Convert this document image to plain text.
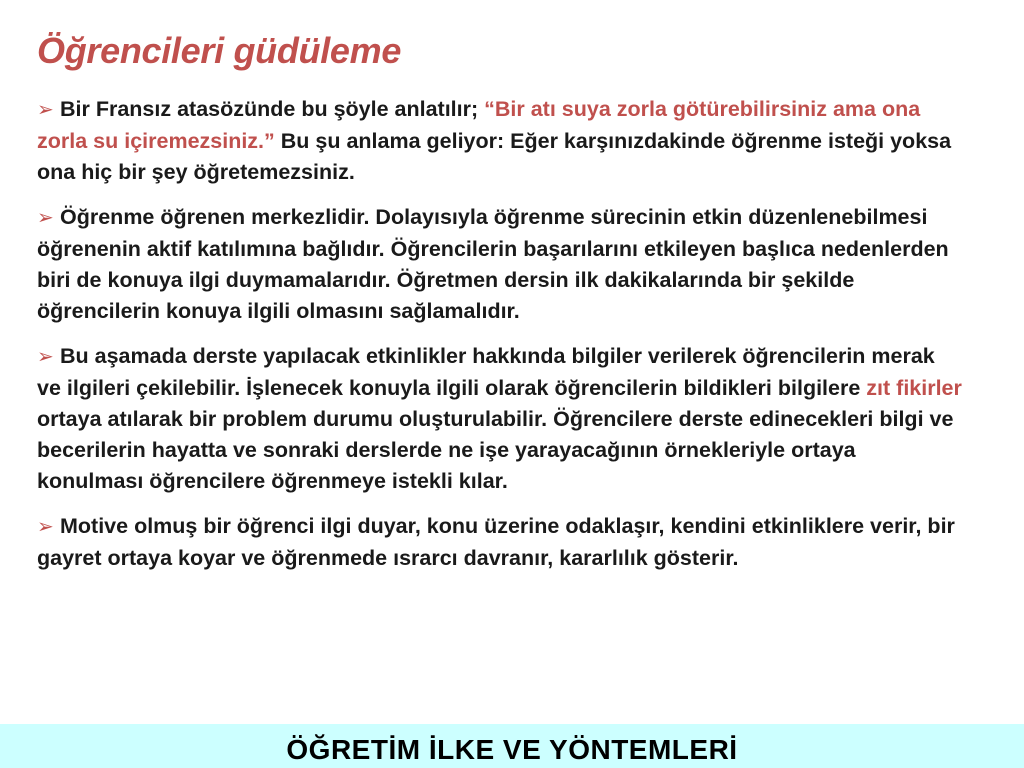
Öğrencileri güdüleme

➢ Bir Fransız atasözünde bu şöyle anlatılır; “Bir atı suya zorla götürebilirsiniz ama ona zorla su içiremezsiniz.” Bu şu anlama geliyor: Eğer karşınızdakinde öğrenme isteği yoksa ona hiç bir şey öğretemezsiniz.

➢ Öğrenme öğrenen merkezlidir. Dolayısıyla öğrenme sürecinin etkin düzenlenebilmesi öğrenenin aktif katılımına bağlıdır. Öğrencilerin başarılarını etkileyen başlıca nedenlerden biri de konuya ilgi duymamalarıdır. Öğretmen dersin ilk dakikalarında bir şekilde öğrencilerin konuya ilgili olmasını sağlamalıdır.

➢ Bu aşamada derste yapılacak etkinlikler hakkında bilgiler verilerek öğrencilerin merak ve ilgileri çekilebilir. İşlenecek konuyla ilgili olarak öğrencilerin bildikleri bilgilere zıt fikirler ortaya atılarak bir problem durumu oluşturulabilir. Öğrencilere derste edinecekleri bilgi ve becerilerin hayatta ve sonraki derslerde ne işe yarayacağının örnekleriyle ortaya konulması öğrencilere öğrenmeye istekli kılar.

➢ Motive olmuş bir öğrenci ilgi duyar, konu üzerine odaklaşır, kendini etkinliklere verir, bir gayret ortaya koyar ve öğrenmede ısrarcı davranır, kararlılık gösterir.

ÖĞRETİM İLKE VE YÖNTEMLERİ
